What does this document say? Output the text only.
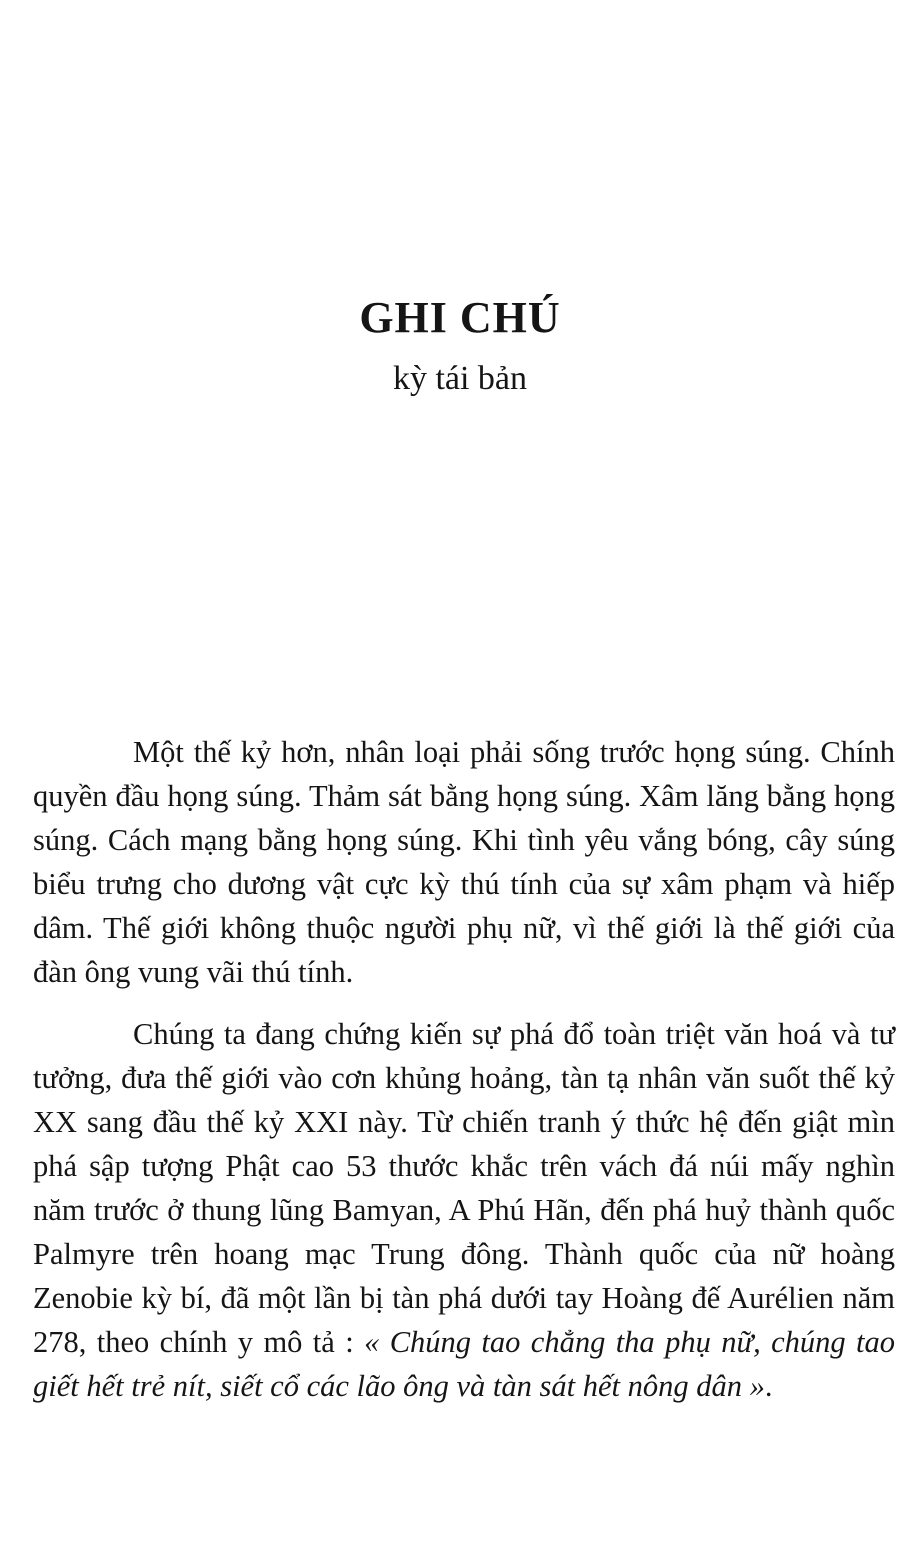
GHI CHÚ
kỳ tái bản

Một thế kỷ hơn, nhân loại phải sống trước họng súng. Chính quyền đầu họng súng. Thảm sát bằng họng súng. Xâm lăng bằng họng súng. Cách mạng bằng họng súng. Khi tình yêu vắng bóng, cây súng biểu trưng cho dương vật cực kỳ thú tính của sự xâm phạm và hiếp dâm. Thế giới không thuộc người phụ nữ, vì thế giới là thế giới của đàn ông vung vãi thú tính.

Chúng ta đang chứng kiến sự phá đổ toàn triệt văn hoá và tư tưởng, đưa thế giới vào cơn khủng hoảng, tàn tạ nhân văn suốt thế kỷ XX sang đầu thế kỷ XXI này. Từ chiến tranh ý thức hệ đến giật mìn phá sập tượng Phật cao 53 thước khắc trên vách đá núi mấy nghìn năm trước ở thung lũng Bamyan, A Phú Hãn, đến phá huỷ thành quốc Palmyre trên hoang mạc Trung đông. Thành quốc của nữ hoàng Zenobie kỳ bí, đã một lần bị tàn phá dưới tay Hoàng đế Aurélien năm 278, theo chính y mô tả : « Chúng tao chẳng tha phụ nữ, chúng tao giết hết trẻ nít, siết cổ các lão ông và tàn sát hết nông dân ».
